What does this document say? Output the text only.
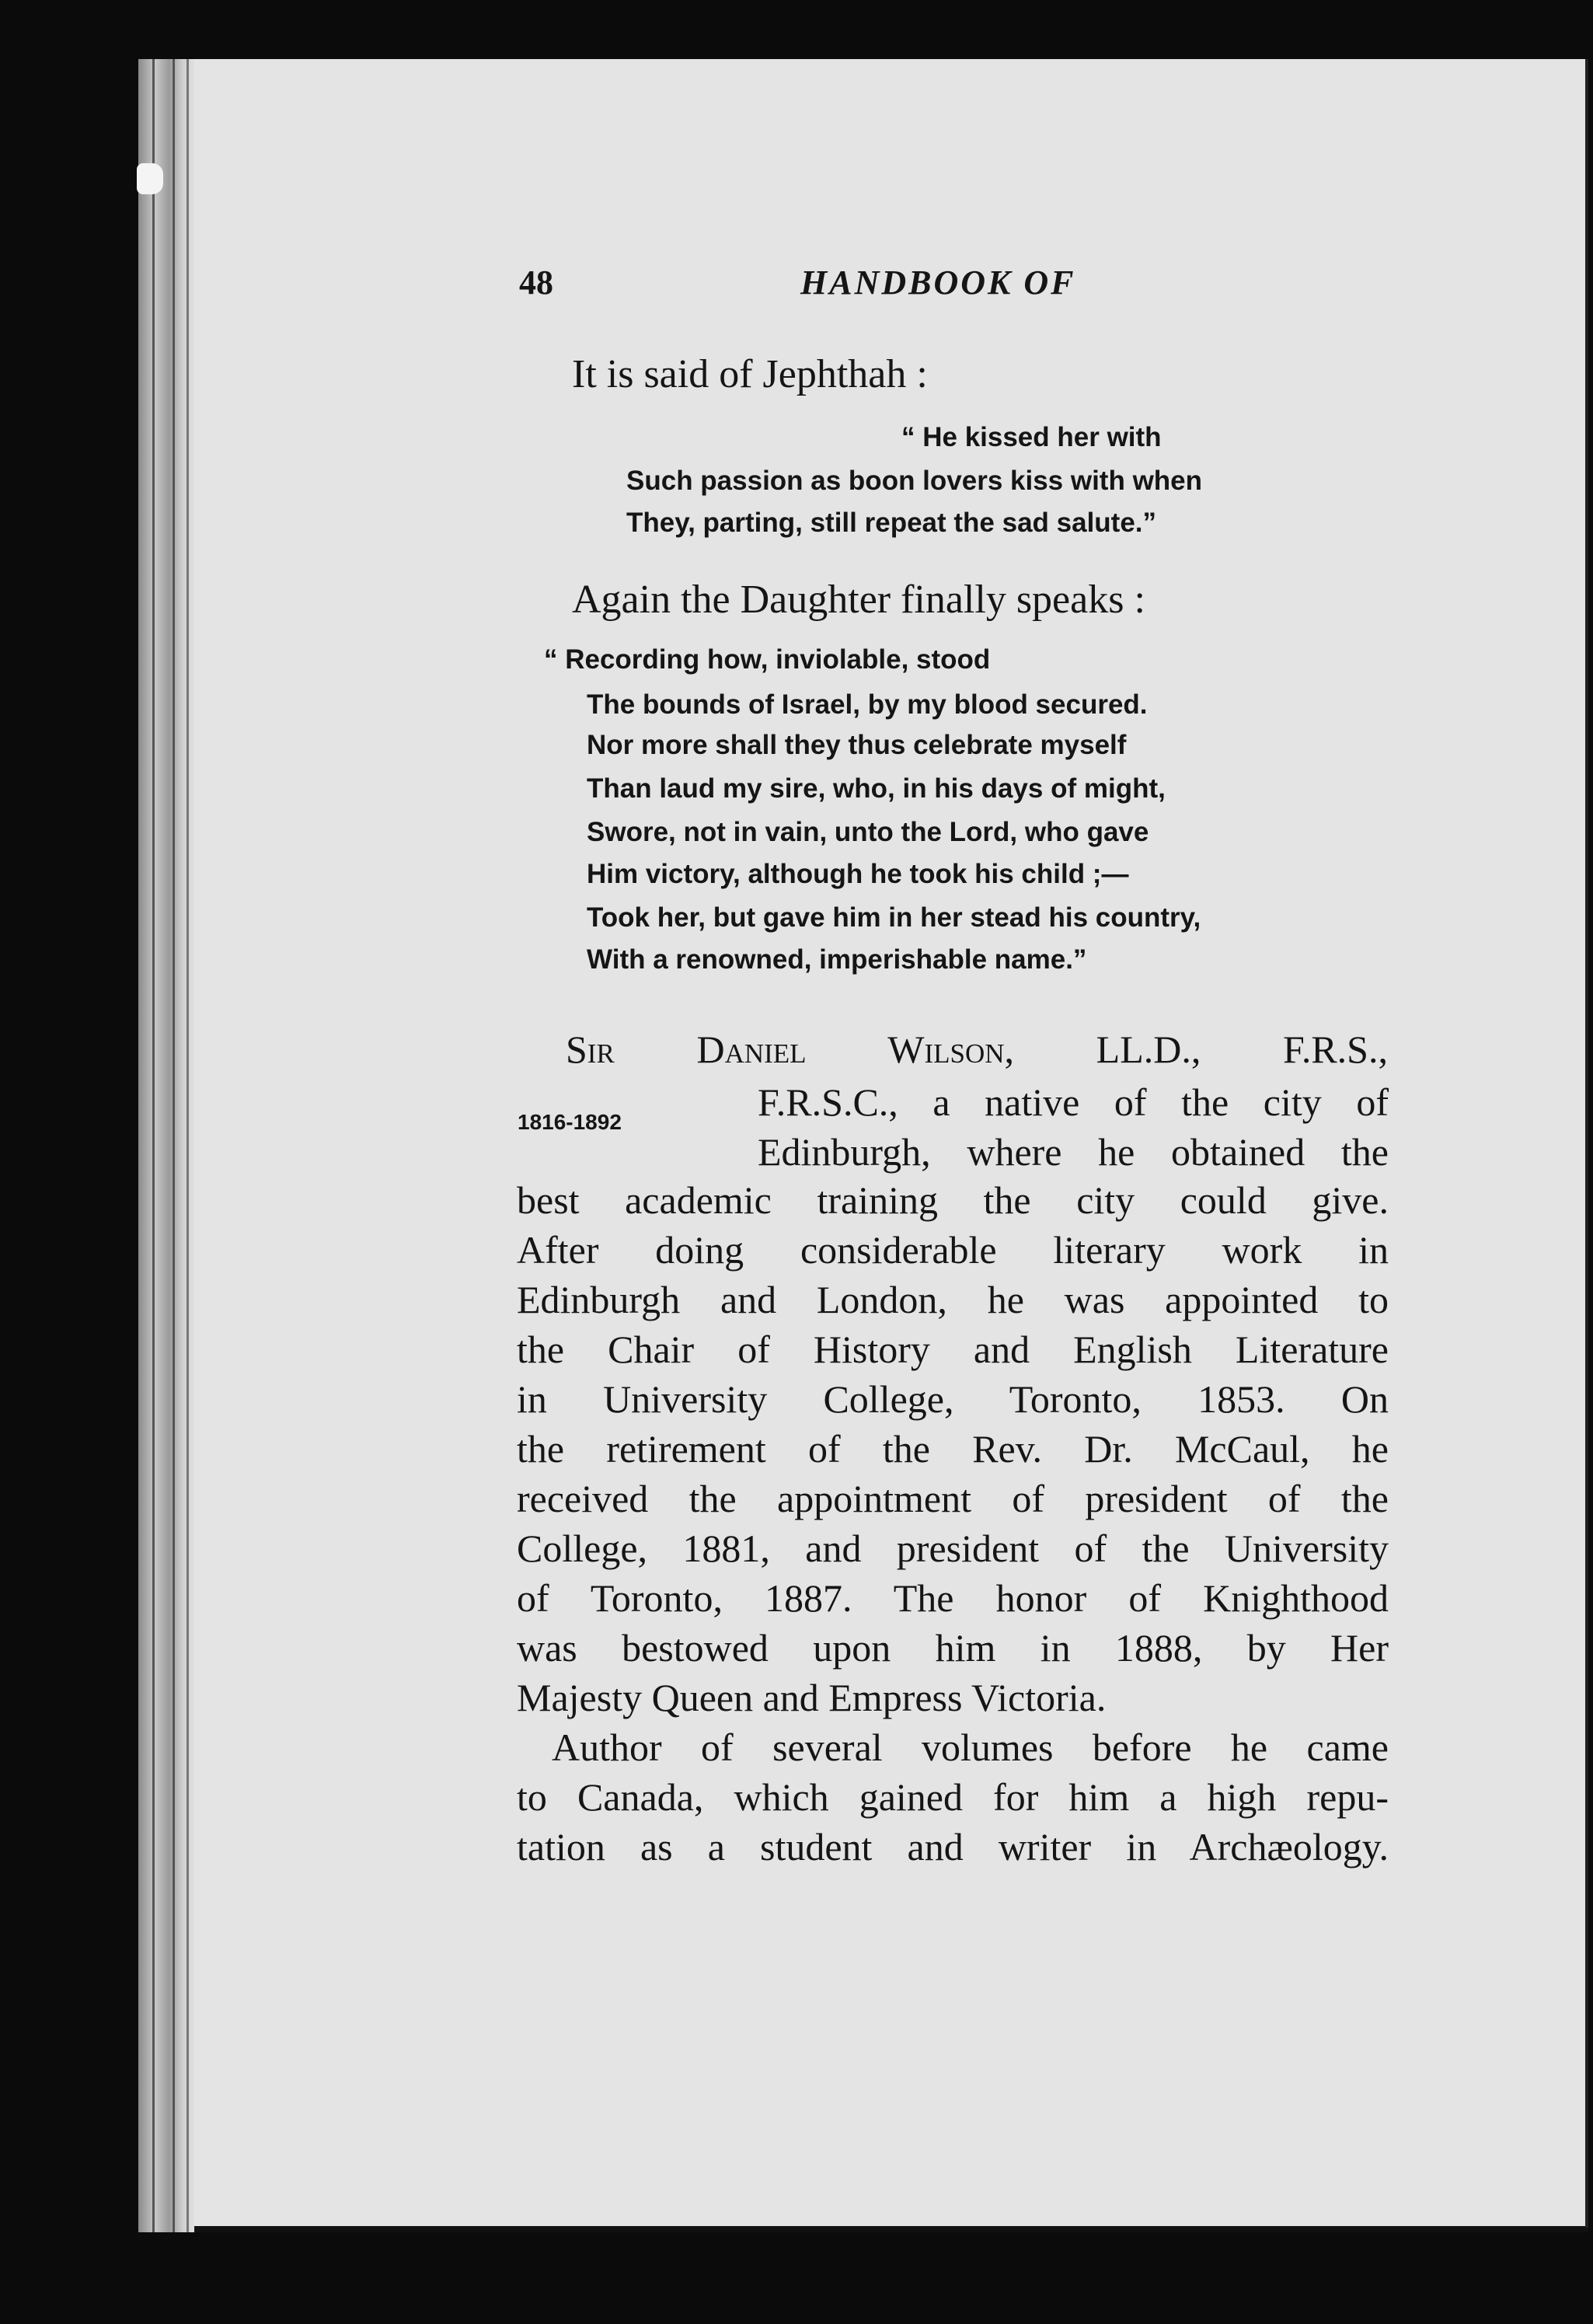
48	HANDBOOK OF
It is said of Jephthah :
“ He kissed her with
Such passion as boon lovers kiss with when
They, parting, still repeat the sad salute.”
Again the Daughter finally speaks :
“ Recording how, inviolable, stood
The bounds of Israel, by my blood secured.
Nor more shall they thus celebrate myself
Than laud my sire, who, in his days of might,
Swore, not in vain, unto the Lord, who gave
Him victory, although he took his child ;—
Took her, but gave him in her stead his country,
With a renowned, imperishable name.”
Sir Daniel Wilson, LL.D., F.R.S.,
1816-1892	F.R.S.C., a native of the city of
Edinburgh, where he obtained the
best academic training the city could give.
After doing considerable literary work in
Edinburgh and London, he was appointed to
the Chair of History and English Literature
in University College, Toronto, 1853. On
the retirement of the Rev. Dr. McCaul, he
received the appointment of president of the
College, 1881, and president of the University
of Toronto, 1887. The honor of Knighthood
was bestowed upon him in 1888, by Her
Majesty Queen and Empress Victoria.
Author of several volumes before he came
to Canada, which gained for him a high repu-
tation as a student and writer in Archæology.
